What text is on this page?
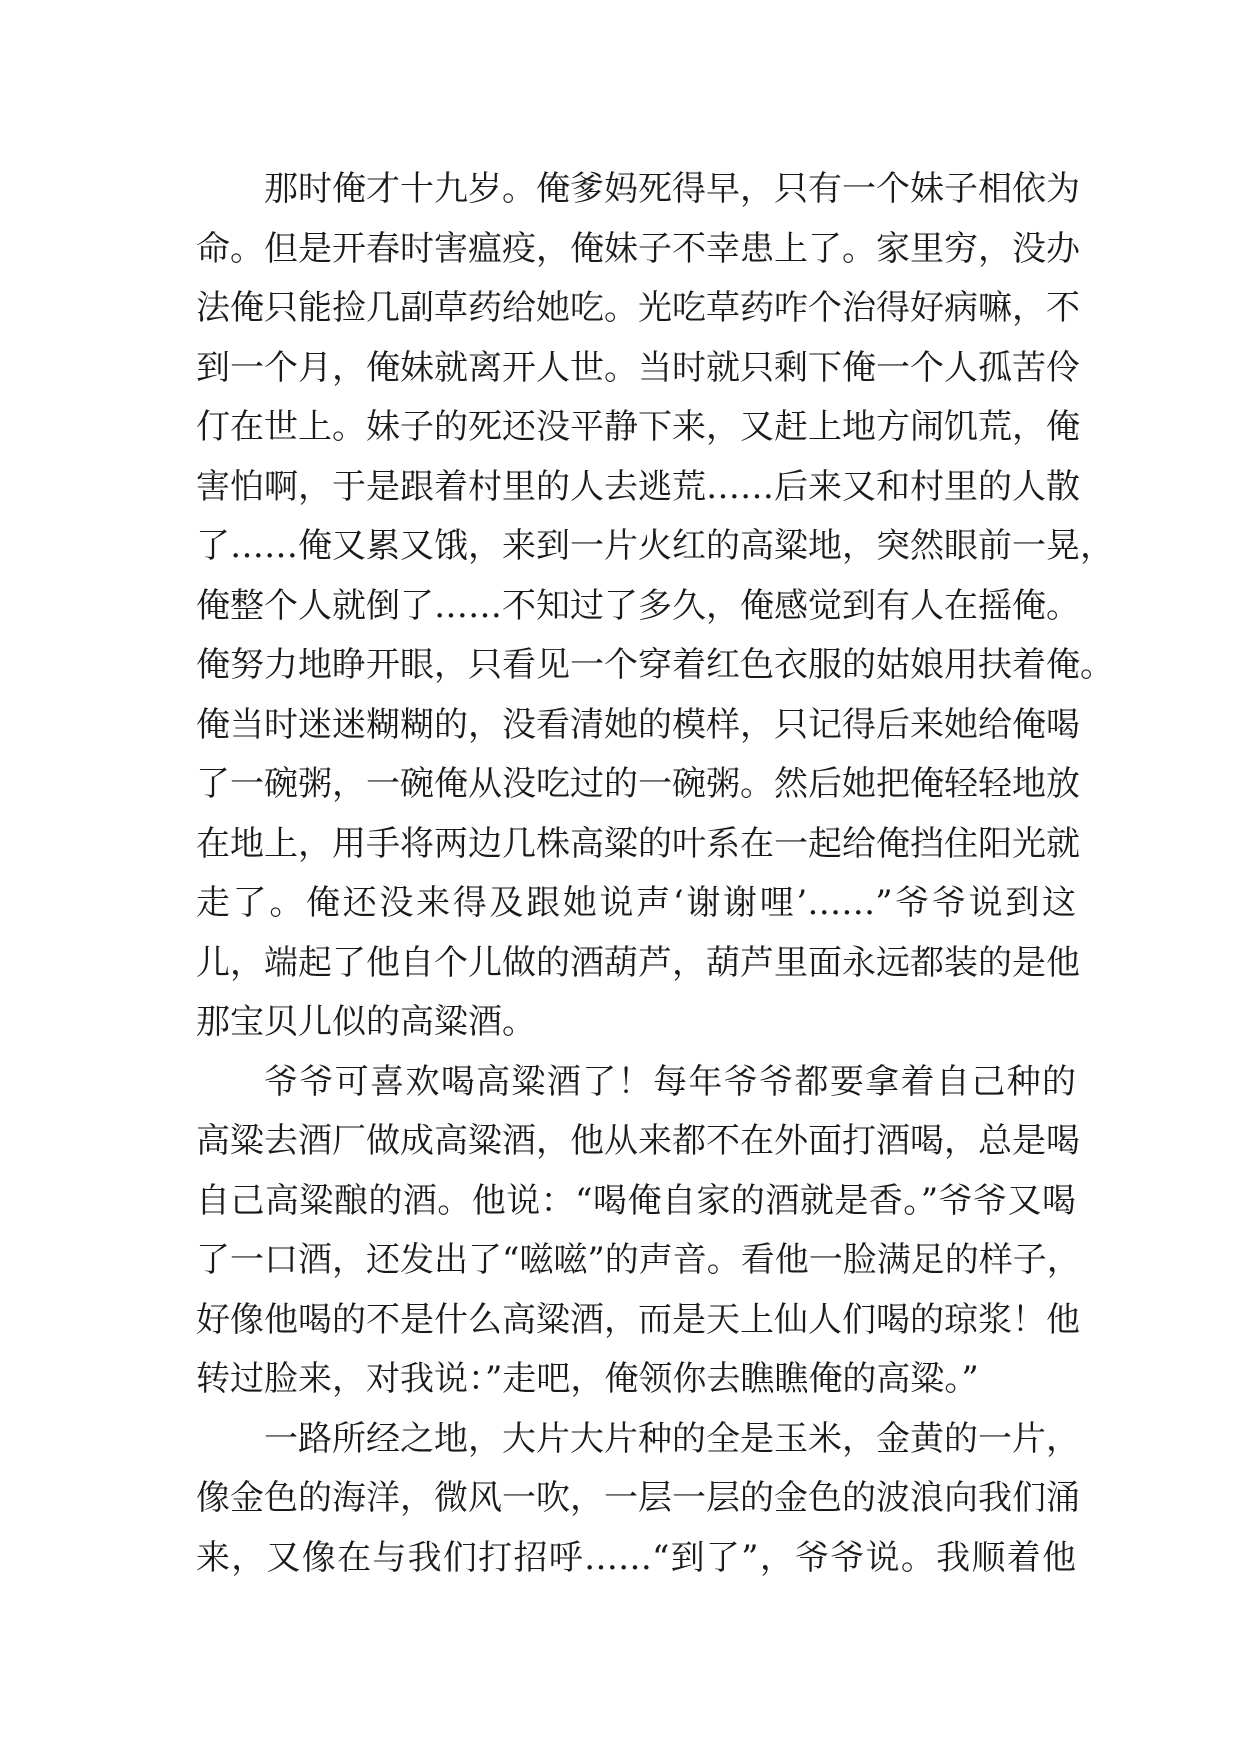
那时俺才十九岁。俺爹妈死得早，只有一个妹子相依为
命。但是开春时害瘟疫，俺妹子不幸患上了。家里穷，没办
法俺只能捡几副草药给她吃。光吃草药咋个治得好病嘛，不
到一个月，俺妹就离开人世。当时就只剩下俺一个人孤苦伶
仃在世上。妹子的死还没平静下来，又赶上地方闹饥荒，俺
害怕啊，于是跟着村里的人去逃荒……后来又和村里的人散
了……俺又累又饿，来到一片火红的高粱地，突然眼前一晃，
俺整个人就倒了……不知过了多久，俺感觉到有人在摇俺。
俺努力地睁开眼，只看见一个穿着红色衣服的姑娘用扶着俺。
俺当时迷迷糊糊的，没看清她的模样，只记得后来她给俺喝
了一碗粥，一碗俺从没吃过的一碗粥。然后她把俺轻轻地放
在地上，用手将两边几株高粱的叶系在一起给俺挡住阳光就
走了。俺还没来得及跟她说声‘谢谢哩’……”爷爷说到这
儿，端起了他自个儿做的酒葫芦，葫芦里面永远都装的是他
那宝贝儿似的高粱酒。
爷爷可喜欢喝高粱酒了！每年爷爷都要拿着自己种的
高粱去酒厂做成高粱酒，他从来都不在外面打酒喝，总是喝
自己高粱酿的酒。他说：“喝俺自家的酒就是香。”爷爷又喝
了一口酒，还发出了“嗞嗞”的声音。看他一脸满足的样子，
好像他喝的不是什么高粱酒，而是天上仙人们喝的琼浆！他
转过脸来，对我说：”走吧，俺领你去瞧瞧俺的高粱。”
一路所经之地，大片大片种的全是玉米，金黄的一片，
像金色的海洋，微风一吹，一层一层的金色的波浪向我们涌
来，又像在与我们打招呼……“到了”，爷爷说。我顺着他
